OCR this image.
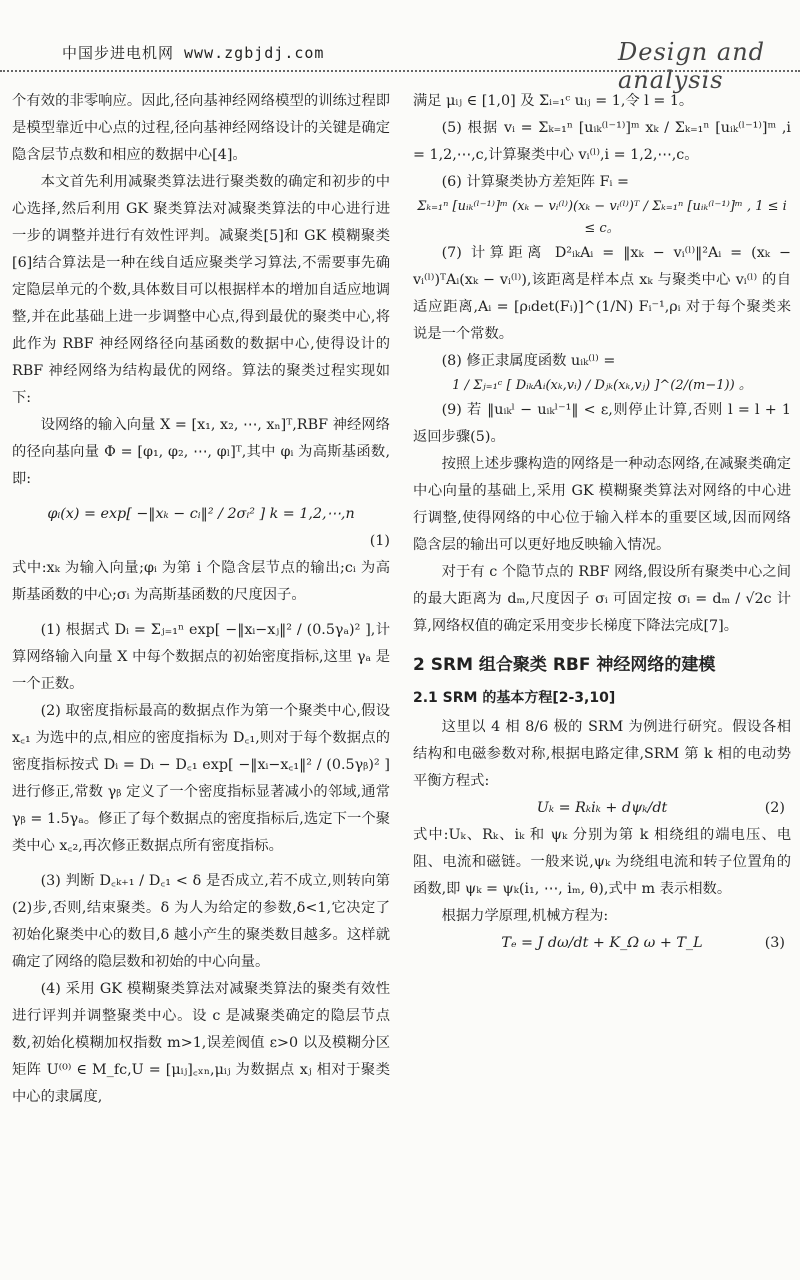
中国步进电机网 www.zgbjdj.com	Design and analysis

个有效的非零响应。因此,径向基神经网络模型的训练过程即是模型靠近中心点的过程,径向基神经网络设计的关键是确定隐含层节点数和相应的数据中心[4]。

本文首先利用减聚类算法进行聚类数的确定和初步的中心选择,然后利用 GK 聚类算法对减聚类算法的中心进行进一步的调整并进行有效性评判。减聚类[5]和 GK 模糊聚类[6]结合算法是一种在线自适应聚类学习算法,不需要事先确定隐层单元的个数,具体数目可以根据样本的增加自适应地调整,并在此基础上进一步调整中心点,得到最优的聚类中心,将此作为 RBF 神经网络径向基函数的数据中心,使得设计的 RBF 神经网络为结构最优的网络。算法的聚类过程实现如下:

设网络的输入向量 X = [x₁, x₂, ⋯, xₙ]ᵀ,RBF 神经网络的径向基向量 Φ = [φ₁, φ₂, ⋯, φₗ]ᵀ,其中 φᵢ 为高斯基函数,即:

φᵢ(x) = exp[ −‖xₖ − cᵢ‖² / 2σᵢ² ] k = 1,2,⋯,n
(1)

式中:xₖ 为输入向量;φᵢ 为第 i 个隐含层节点的输出;cᵢ 为高斯基函数的中心;σᵢ 为高斯基函数的尺度因子。

(1) 根据式 Dᵢ = Σⱼ₌₁ⁿ exp[ −‖xᵢ−xⱼ‖² / (0.5γₐ)² ],计算网络输入向量 X 中每个数据点的初始密度指标,这里 γₐ 是一个正数。

(2) 取密度指标最高的数据点作为第一个聚类中心,假设 x꜀₁ 为选中的点,相应的密度指标为 D꜀₁,则对于每个数据点的密度指标按式 Dᵢ = Dᵢ − D꜀₁ exp[ −‖xᵢ−x꜀₁‖² / (0.5γᵦ)² ] 进行修正,常数 γᵦ 定义了一个密度指标显著减小的邻域,通常 γᵦ = 1.5γₐ。修正了每个数据点的密度指标后,选定下一个聚类中心 x꜀₂,再次修正数据点所有密度指标。

(3) 判断 D꜀ₖ₊₁ / D꜀₁ < δ 是否成立,若不成立,则转向第(2)步,否则,结束聚类。δ 为人为给定的参数,δ<1,它决定了初始化聚类中心的数目,δ 越小产生的聚类数目越多。这样就确定了网络的隐层数和初始的中心向量。

(4) 采用 GK 模糊聚类算法对减聚类算法的聚类有效性进行评判并调整聚类中心。设 c 是减聚类确定的隐层节点数,初始化模糊加权指数 m>1,误差阀值 ε>0 以及模糊分区矩阵 U⁽⁰⁾ ∈ M_fc,U = [μᵢⱼ]꜀ₓₙ,μᵢⱼ 为数据点 xⱼ 相对于聚类中心的隶属度,

满足 μᵢⱼ ∈ [1,0] 及 Σᵢ₌₁ᶜ uᵢⱼ = 1,令 l = 1。

(5) 根据 vᵢ = Σₖ₌₁ⁿ [uᵢₖ⁽ˡ⁻¹⁾]ᵐ xₖ / Σₖ₌₁ⁿ [uᵢₖ⁽ˡ⁻¹⁾]ᵐ ,i = 1,2,⋯,c,计算聚类中心 vᵢ⁽ˡ⁾,i = 1,2,⋯,c。

(6) 计算聚类协方差矩阵 Fᵢ =

Σₖ₌₁ⁿ [uᵢₖ⁽ˡ⁻¹⁾]ᵐ (xₖ − vᵢ⁽ˡ⁾)(xₖ − vᵢ⁽ˡ⁾)ᵀ / Σₖ₌₁ⁿ [uᵢₖ⁽ˡ⁻¹⁾]ᵐ , 1 ≤ i ≤ c。

(7) 计算距离 D²ᵢₖAᵢ = ‖xₖ − vᵢ⁽ˡ⁾‖²Aᵢ = (xₖ − vᵢ⁽ˡ⁾)ᵀAᵢ(xₖ − vᵢ⁽ˡ⁾),该距离是样本点 xₖ 与聚类中心 vᵢ⁽ˡ⁾ 的自适应距离,Aᵢ = [ρᵢdet(Fᵢ)]^(1/N) Fᵢ⁻¹,ρᵢ 对于每个聚类来说是一个常数。

(8) 修正隶属度函数 uᵢₖ⁽ˡ⁾ =

1 / Σⱼ₌₁ᶜ [ DᵢₖAᵢ(xₖ,vᵢ) / Dⱼₖ(xₖ,vⱼ) ]^(2/(m−1)) 。

(9) 若 ‖uᵢₖˡ − uᵢₖˡ⁻¹‖ < ε,则停止计算,否则 l = l + 1 返回步骤(5)。

按照上述步骤构造的网络是一种动态网络,在减聚类确定中心向量的基础上,采用 GK 模糊聚类算法对网络的中心进行调整,使得网络的中心位于输入样本的重要区域,因而网络隐含层的输出可以更好地反映输入情况。

对于有 c 个隐节点的 RBF 网络,假设所有聚类中心之间的最大距离为 dₘ,尺度因子 σᵢ 可固定按 σᵢ = dₘ / √2c 计算,网络权值的确定采用变步长梯度下降法完成[7]。

2 SRM 组合聚类 RBF 神经网络的建模
2.1 SRM 的基本方程[2-3,10]

这里以 4 相 8/6 极的 SRM 为例进行研究。假设各相结构和电磁参数对称,根据电路定律,SRM 第 k 相的电动势平衡方程式:

Uₖ = Rₖiₖ + dψₖ/dt	(2)

式中:Uₖ、Rₖ、iₖ 和 ψₖ 分别为第 k 相绕组的端电压、电阻、电流和磁链。一般来说,ψₖ 为绕组电流和转子位置角的函数,即 ψₖ = ψₖ(i₁, ⋯, iₘ, θ),式中 m 表示相数。

根据力学原理,机械方程为:

Tₑ = J dω/dt + K_Ω ω + T_L	(3)
